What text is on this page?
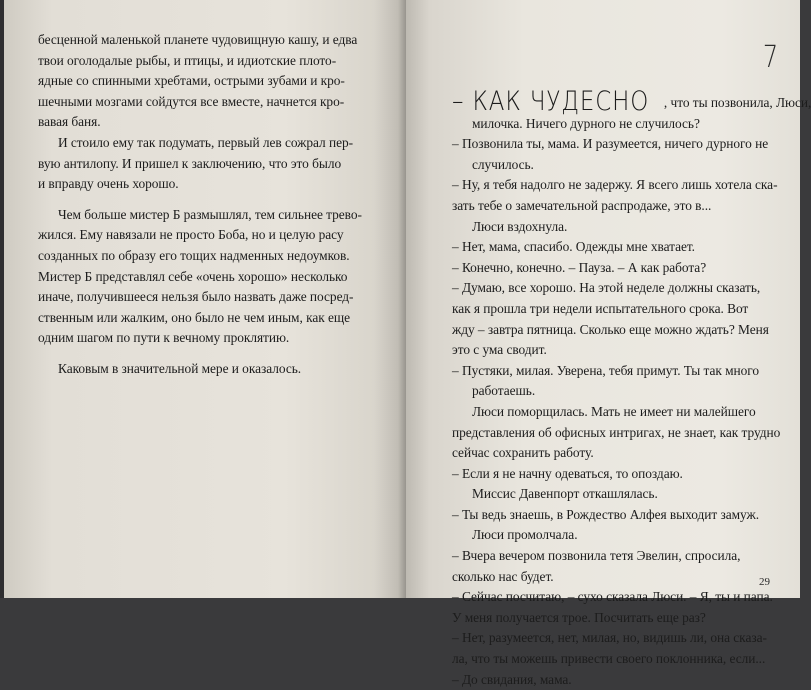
бесценной маленькой планете чудовищную кашу, и едва
твои оголодалые рыбы, и птицы, и идиотские плото-
ядные со спинными хребтами, острыми зубами и кро-
шечными мозгами сойдутся все вместе, начнется кро-
вавая баня.
И стоило ему так подумать, первый лев сожрал пер-
вую антилопу. И пришел к заключению, что это было
и вправду очень хорошо.
Чем больше мистер Б размышлял, тем сильнее трево-
жился. Ему навязали не просто Боба, но и целую расу
созданных по образу его тощих надменных недоумков.
Мистер Б представлял себе «очень хорошо» несколько
иначе, получившееся нельзя было назвать даже посред-
ственным или жалким, оно было не чем иным, как еще
одним шагом по пути к вечному проклятию.
Каковым в значительной мере и оказалось.
7
– КАК ЧУДЕСНО , что ты позвонила, Люси,
милочка. Ничего дурного не случилось?
– Позвонила ты, мама. И разумеется, ничего дурного не
случилось.
– Ну, я тебя надолго не задержу. Я всего лишь хотела ска-
зать тебе о замечательной распродаже, это в...
Люси вздохнула.
– Нет, мама, спасибо. Одежды мне хватает.
– Конечно, конечно. – Пауза. – А как работа?
– Думаю, все хорошо. На этой неделе должны сказать,
как я прошла три недели испытательного срока. Вот
жду – завтра пятница. Сколько еще можно ждать? Меня
это с ума сводит.
– Пустяки, милая. Уверена, тебя примут. Ты так много
работаешь.
Люси поморщилась. Мать не имеет ни малейшего
представления об офисных интригах, не знает, как трудно
сейчас сохранить работу.
– Если я не начну одеваться, то опоздаю.
Миссис Давенпорт откашлялась.
– Ты ведь знаешь, в Рождество Алфея выходит замуж.
Люси промолчала.
– Вчера вечером позвонила тетя Эвелин, спросила,
сколько нас будет.
– Сейчас посчитаю, – сухо сказала Люси. – Я, ты и папа.
У меня получается трое. Посчитать еще раз?
– Нет, разумеется, нет, милая, но, видишь ли, она сказа-
ла, что ты можешь привести своего поклонника, если...
– До свидания, мама.
29
